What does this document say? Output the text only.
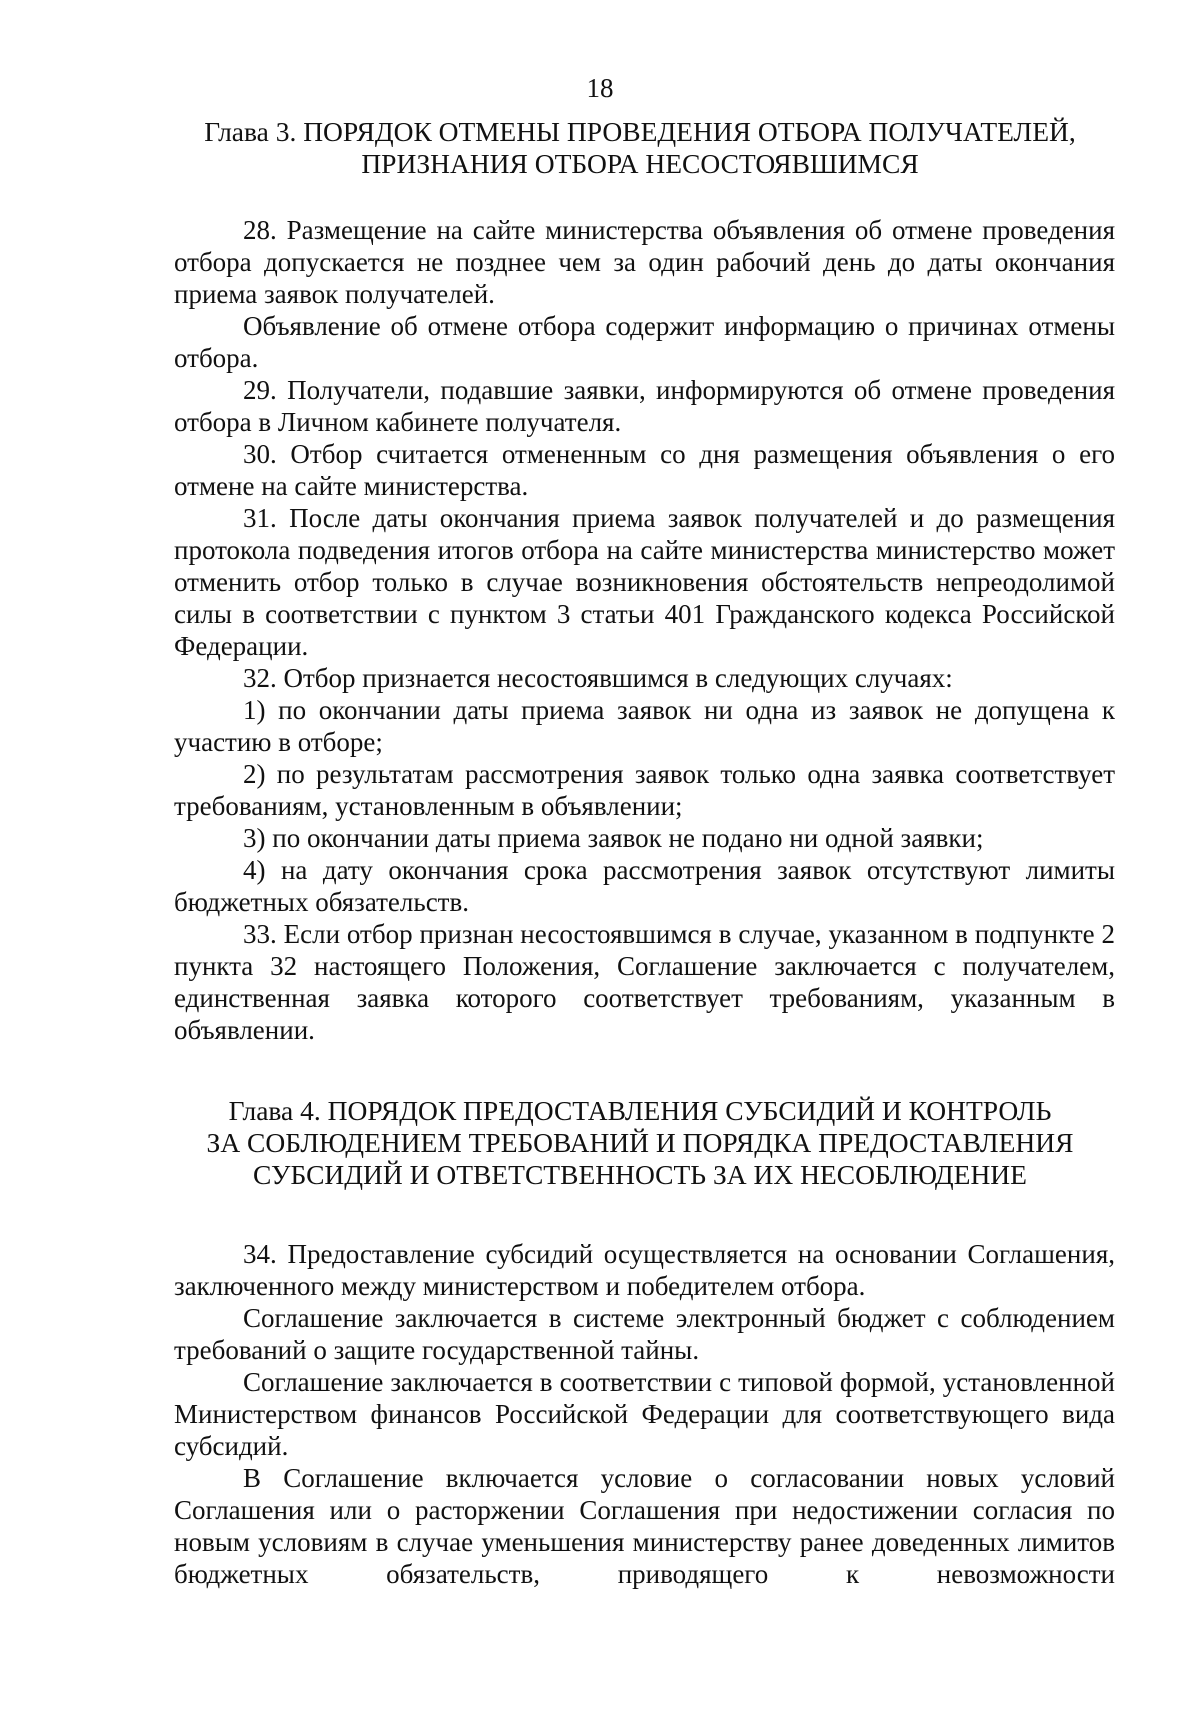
18
Глава 3. ПОРЯДОК ОТМЕНЫ ПРОВЕДЕНИЯ ОТБОРА ПОЛУЧАТЕЛЕЙ,
ПРИЗНАНИЯ ОТБОРА НЕСОСТОЯВШИМСЯ

28. Размещение на сайте министерства объявления об отмене проведения отбора допускается не позднее чем за один рабочий день до даты окончания приема заявок получателей.

Объявление об отмене отбора содержит информацию о причинах отмены отбора.

29. Получатели, подавшие заявки, информируются об отмене проведения отбора в Личном кабинете получателя.

30. Отбор считается отмененным со дня размещения объявления о его отмене на сайте министерства.

31. После даты окончания приема заявок получателей и до размещения протокола подведения итогов отбора на сайте министерства министерство может отменить отбор только в случае возникновения обстоятельств непреодолимой силы в соответствии с пунктом 3 статьи 401 Гражданского кодекса Российской Федерации.

32. Отбор признается несостоявшимся в следующих случаях:

1) по окончании даты приема заявок ни одна из заявок не допущена к участию в отборе;

2) по результатам рассмотрения заявок только одна заявка соответствует требованиям, установленным в объявлении;

3) по окончании даты приема заявок не подано ни одной заявки;

4) на дату окончания срока рассмотрения заявок отсутствуют лимиты бюджетных обязательств.

33. Если отбор признан несостоявшимся в случае, указанном в подпункте 2 пункта 32 настоящего Положения, Соглашение заключается с получателем, единственная заявка которого соответствует требованиям, указанным в объявлении.

Глава 4. ПОРЯДОК ПРЕДОСТАВЛЕНИЯ СУБСИДИЙ И КОНТРОЛЬ
ЗА СОБЛЮДЕНИЕМ ТРЕБОВАНИЙ И ПОРЯДКА ПРЕДОСТАВЛЕНИЯ
СУБСИДИЙ И ОТВЕТСТВЕННОСТЬ ЗА ИХ НЕСОБЛЮДЕНИЕ

34. Предоставление субсидий осуществляется на основании Соглашения, заключенного между министерством и победителем отбора.

Соглашение заключается в системе электронный бюджет с соблюдением требований о защите государственной тайны.

Соглашение заключается в соответствии с типовой формой, установленной Министерством финансов Российской Федерации для соответствующего вида субсидий.

В Соглашение включается условие о согласовании новых условий Соглашения или о расторжении Соглашения при недостижении согласия по новым условиям в случае уменьшения министерству ранее доведенных лимитов бюджетных обязательств, приводящего к невозможности
